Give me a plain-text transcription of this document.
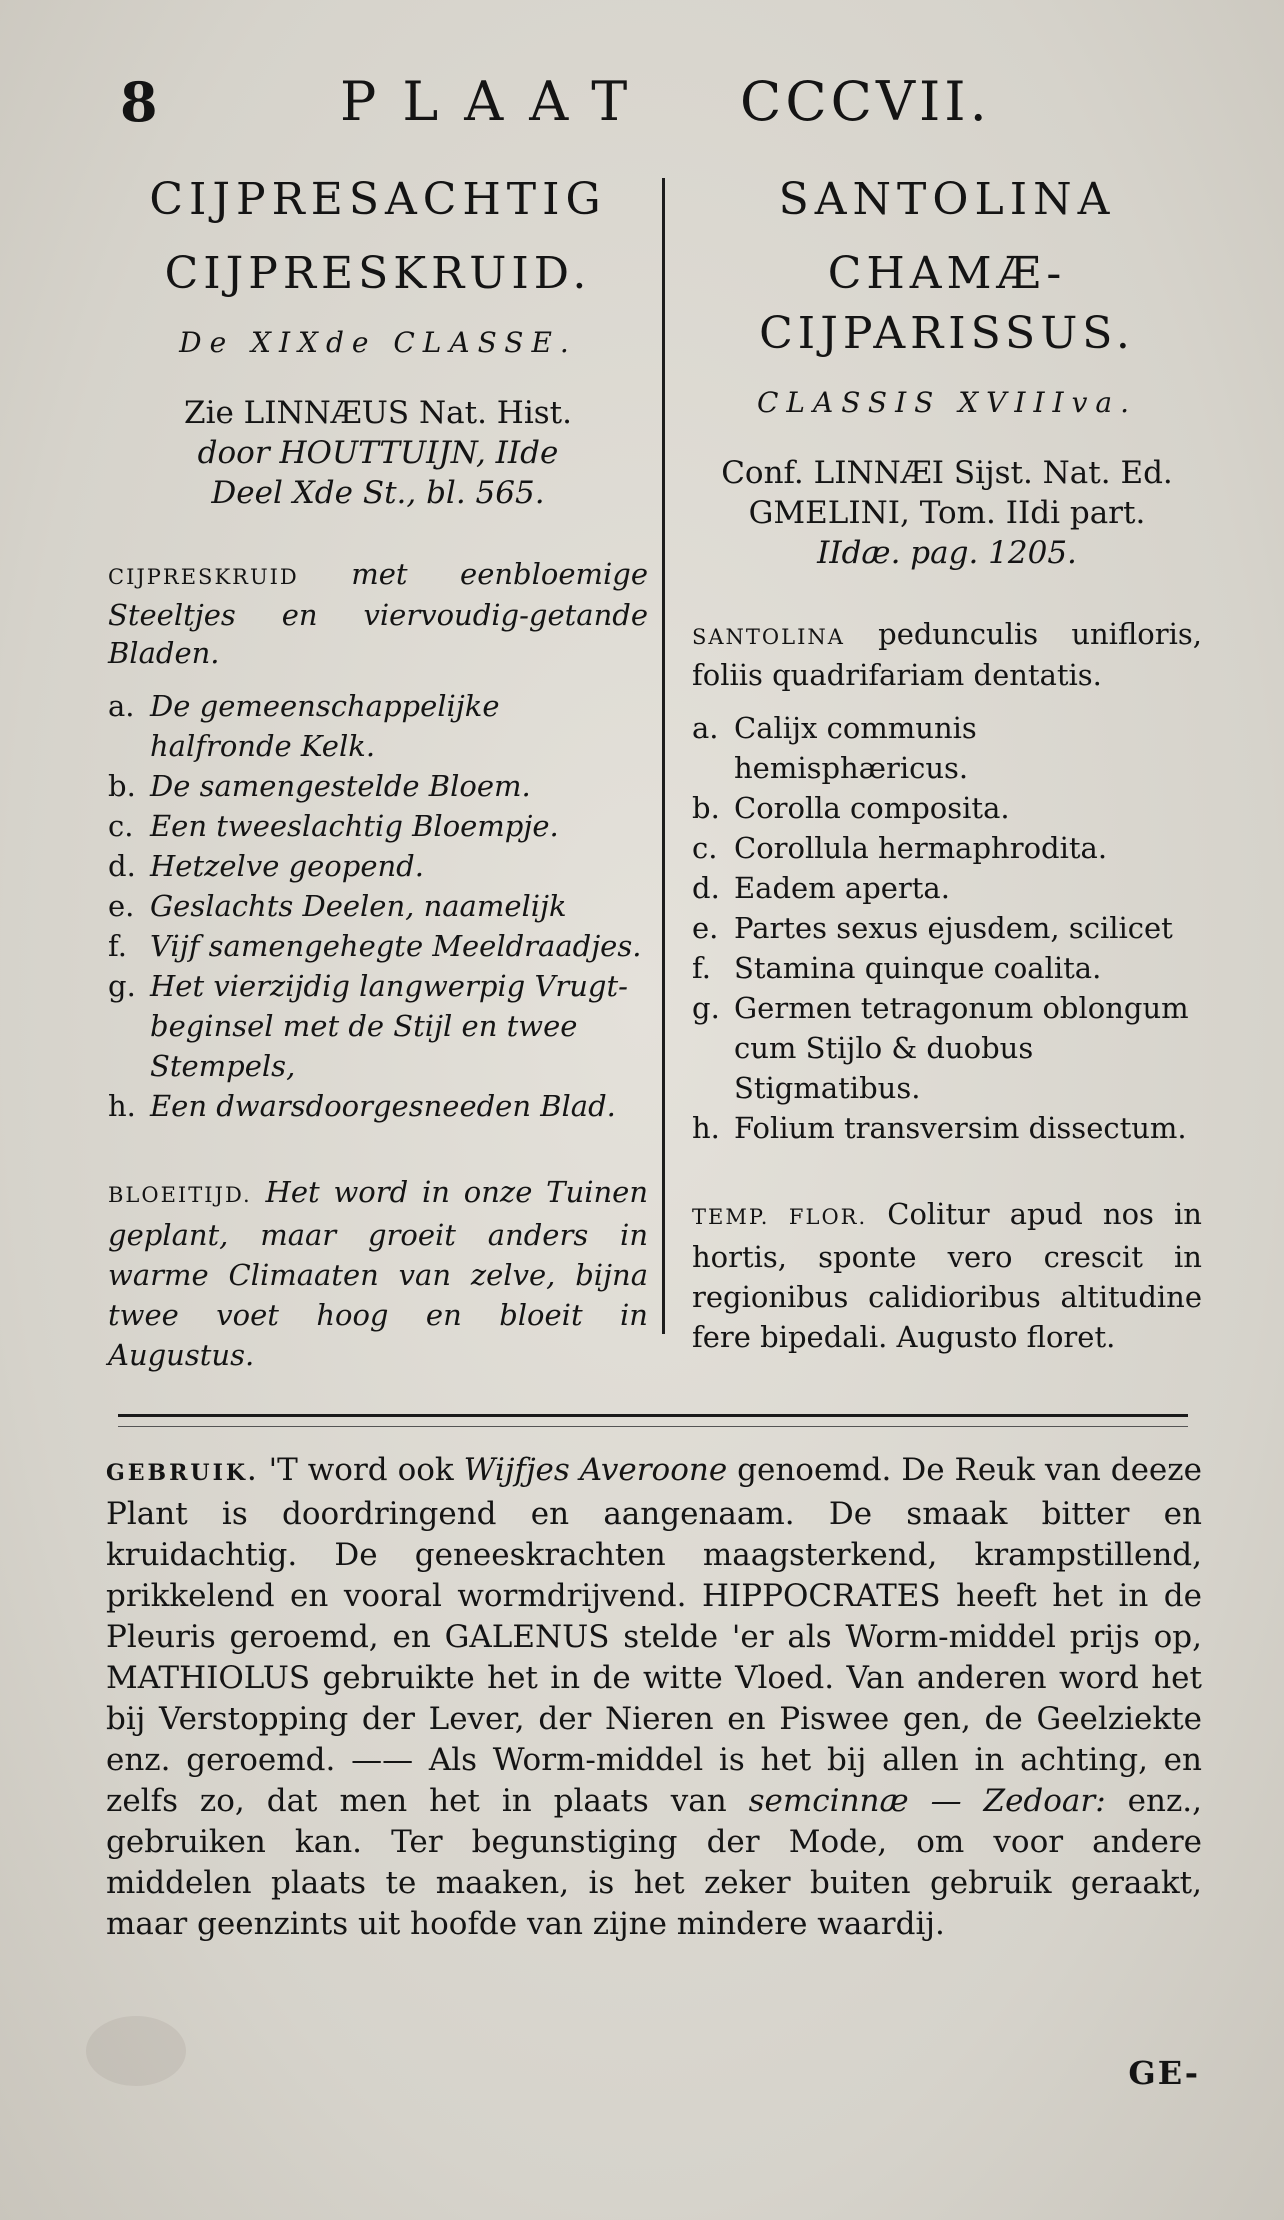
8	PLAAT CCCVII.
CIJPRESACHTIG
CIJPRESKRUID.
De XIXde CLASSE.
Zie LINNÆUS Nat. Hist.
door HOUTTUIJN, IIde
Deel Xde St., bl. 565.
CIJPRESKRUID met eenbloemige Steeltjes en viervoudig-getande Bladen.
a. De gemeenschappelijke halfronde Kelk.
b. De samengestelde Bloem.
c. Een tweeslachtig Bloempje.
d. Hetzelve geopend.
e. Geslachts Deelen, naamelijk
f. Vijf samengehegte Meeldraadjes.
g. Het vierzijdig langwerpig Vrugt-beginsel met de Stijl en twee Stempels,
h. Een dwarsdoorgesneeden Blad.
BLOEITIJD. Het word in onze Tuinen geplant, maar groeit anders in warme Climaaten van zelve, bijna twee voet hoog en bloeit in Augustus.
SANTOLINA
CHAMÆ-CIJPARISSUS.
CLASSIS XVIIIva.
Conf. LINNÆI Sijst. Nat. Ed.
GMELINI, Tom. IIdi part.
IIdæ. pag. 1205.
SANTOLINA pedunculis unifloris, foliis quadrifariam dentatis.
a. Calijx communis hemisphæricus.
b. Corolla composita.
c. Corollula hermaphrodita.
d. Eadem aperta.
e. Partes sexus ejusdem, scilicet
f. Stamina quinque coalita.
g. Germen tetragonum oblongum cum Stijlo & duobus Stigmatibus.
h. Folium transversim dissectum.
TEMP. FLOR. Colitur apud nos in hortis, sponte vero crescit in regionibus calidioribus altitudine fere bipedali. Augusto floret.
GEBRUIK. 'T word ook Wijfjes Averoone genoemd. De Reuk van deeze Plant is doordringend en aangenaam. De smaak bitter en kruidachtig. De geneeskrachten maagsterkend, krampstillend, prikkelend en vooral wormdrijvend. HIPPOCRATES heeft het in de Pleuris geroemd, en GALENUS stelde 'er als Worm-middel prijs op, MATHIOLUS gebruikte het in de witte Vloed. Van anderen word het bij Verstopping der Lever, der Nieren en Piswee gen, de Geelziekte enz. geroemd. —— Als Worm-middel is het bij allen in achting, en zelfs zo, dat men het in plaats van semcinnæ — Zedoar: enz., gebruiken kan. Ter begunstiging der Mode, om voor andere middelen plaats te maaken, is het zeker buiten gebruik geraakt, maar geenzints uit hoofde van zijne mindere waardij.
GE-
